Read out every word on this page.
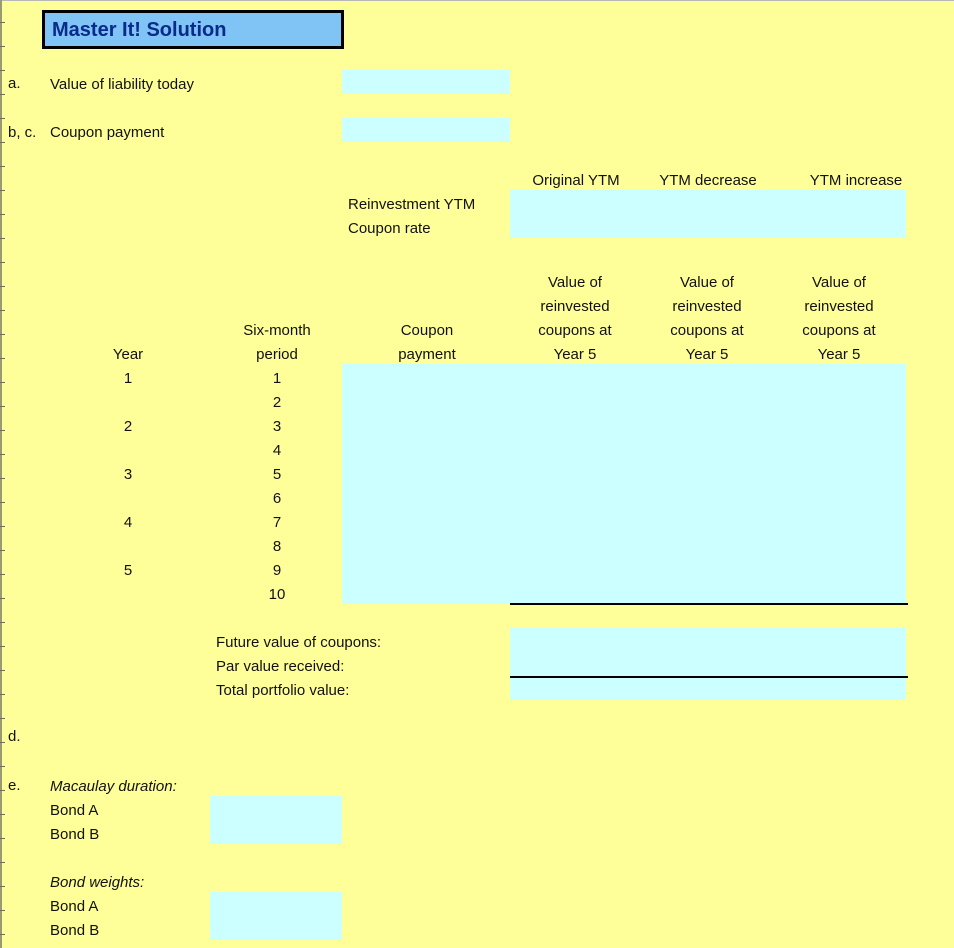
Master It! Solution
a. Value of liability today
b, c. Coupon payment
Original YTM	YTM decrease	YTM increase
Reinvestment YTM
Coupon rate
Year
Six-month
period
Coupon
payment
Value of
reinvested
coupons at
Year 5
Value of
reinvested
coupons at
Year 5
Value of
reinvested
coupons at
Year 5
1
2
3
4
5
1
2
3
4
5
6
7
8
9
10
Future value of coupons:
Par value received:
Total portfolio value:
d.
e. Macaulay duration:
Bond A
Bond B
Bond weights:
Bond A
Bond B
